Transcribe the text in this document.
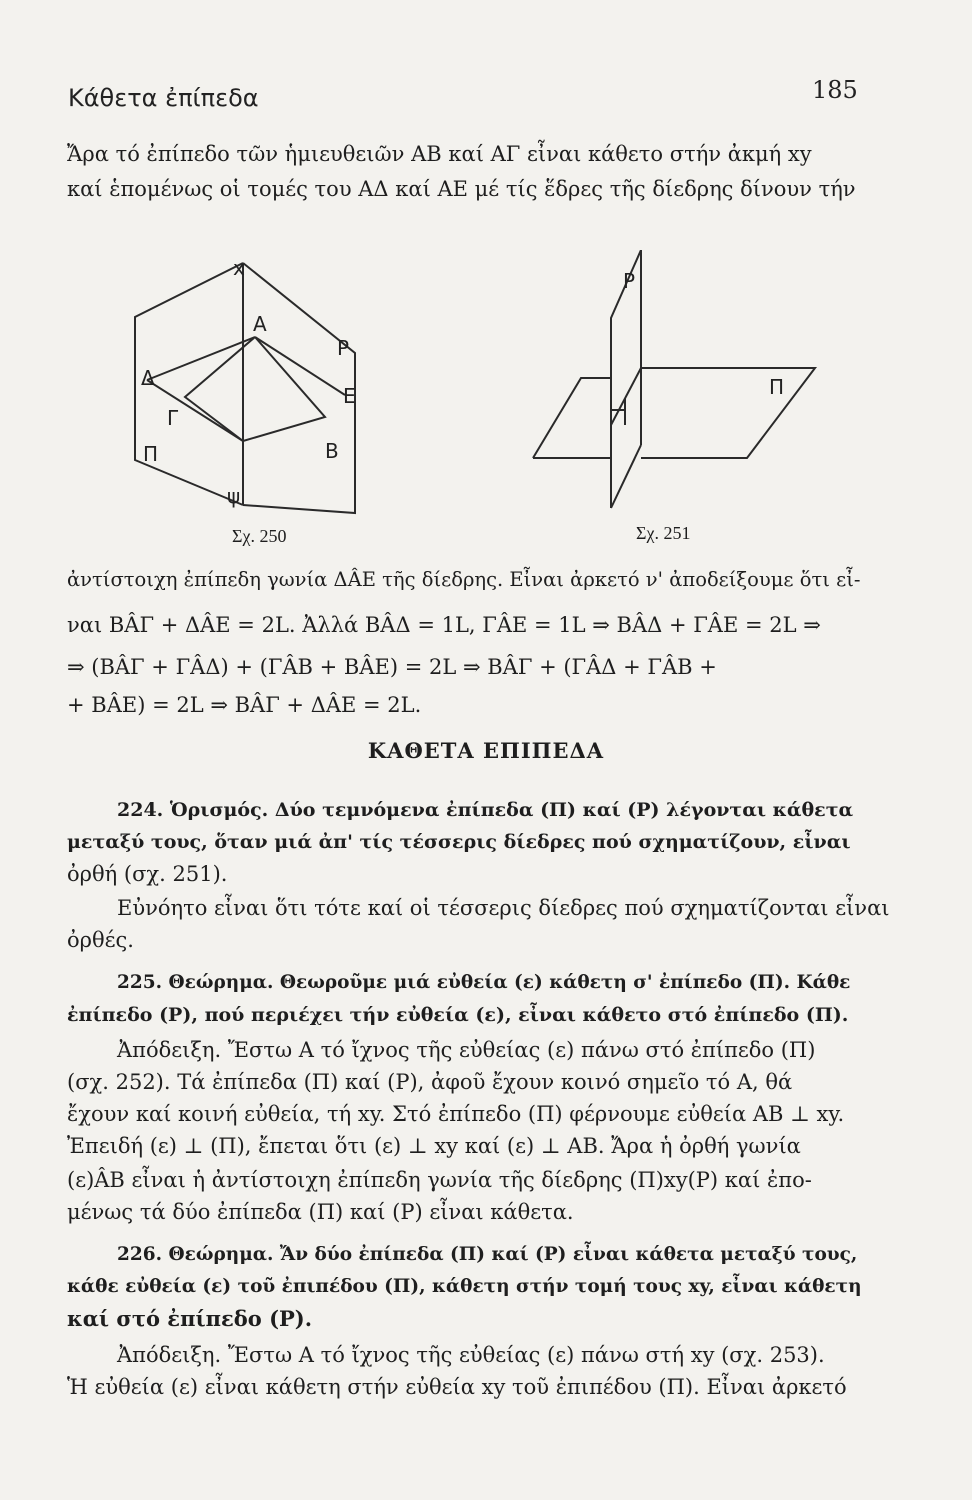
Κάθετα ἐπίπεδα	185
Ἄρα τό ἐπίπεδο τῶν ἡμιευθειῶν ΑΒ καί ΑΓ εἶναι κάθετο στήν ἀκμή xy
καί ἑπομένως οἱ τομές του ΑΔ καί ΑΕ μέ τίς ἕδρες τῆς δίεδρης δίνουν τήν
x
A
P
Δ
E
Γ
Π	B
ψ
Σχ. 250
P
Π
Σχ. 251
ἀντίστοιχη ἐπίπεδη γωνία ΔÂΕ τῆς δίεδρης. Εἶναι ἀρκετό ν' ἀποδείξουμε ὅτι εἶ-
ναι ΒÂΓ + ΔÂΕ = 2L. Ἀλλά ΒÂΔ = 1L, ΓÂΕ = 1L ⇒ ΒÂΔ + ΓÂΕ = 2L ⇒
⇒ (ΒÂΓ + ΓÂΔ) + (ΓÂΒ + ΒÂΕ) = 2L ⇒ ΒÂΓ + (ΓÂΔ + ΓÂΒ +
+ ΒÂΕ) = 2L ⇒ ΒÂΓ + ΔÂΕ = 2L.
ΚΑΘΕΤΑ ΕΠΙΠΕΔΑ
224. Ὁρισμός. Δύο τεμνόμενα ἐπίπεδα (Π) καί (Ρ) λέγονται κάθετα
μεταξύ τους, ὅταν μιά ἀπ' τίς τέσσερις δίεδρες πού σχηματίζουν, εἶναι
ὀρθή (σχ. 251).
Εὐνόητο εἶναι ὅτι τότε καί οἱ τέσσερις δίεδρες πού σχηματίζονται εἶναι
ὀρθές.
225. Θεώρημα. Θεωροῦμε μιά εὐθεία (ε) κάθετη σ' ἐπίπεδο (Π). Κάθε
ἐπίπεδο (Ρ), πού περιέχει τήν εὐθεία (ε), εἶναι κάθετο στό ἐπίπεδο (Π).
Ἀπόδειξη. Ἔστω Α τό ἴχνος τῆς εὐθείας (ε) πάνω στό ἐπίπεδο (Π)
(σχ. 252). Τά ἐπίπεδα (Π) καί (Ρ), ἀφοῦ ἔχουν κοινό σημεῖο τό Α, θά
ἔχουν καί κοινή εὐθεία, τή xy. Στό ἐπίπεδο (Π) φέρνουμε εὐθεία ΑΒ ⊥ xy.
Ἐπειδή (ε) ⊥ (Π), ἔπεται ὅτι (ε) ⊥ xy καί (ε) ⊥ ΑΒ. Ἄρα ἡ ὀρθή γωνία
(ε)ÂΒ εἶναι ἡ ἀντίστοιχη ἐπίπεδη γωνία τῆς δίεδρης (Π)xy(Ρ) καί ἐπο-
μένως τά δύο ἐπίπεδα (Π) καί (Ρ) εἶναι κάθετα.
226. Θεώρημα. Ἄν δύο ἐπίπεδα (Π) καί (Ρ) εἶναι κάθετα μεταξύ τους,
κάθε εὐθεία (ε) τοῦ ἐπιπέδου (Π), κάθετη στήν τομή τους xy, εἶναι κάθετη
καί στό ἐπίπεδο (Ρ).
Ἀπόδειξη. Ἔστω Α τό ἴχνος τῆς εὐθείας (ε) πάνω στή xy (σχ. 253).
Ἡ εὐθεία (ε) εἶναι κάθετη στήν εὐθεία xy τοῦ ἐπιπέδου (Π). Εἶναι ἀρκετό
